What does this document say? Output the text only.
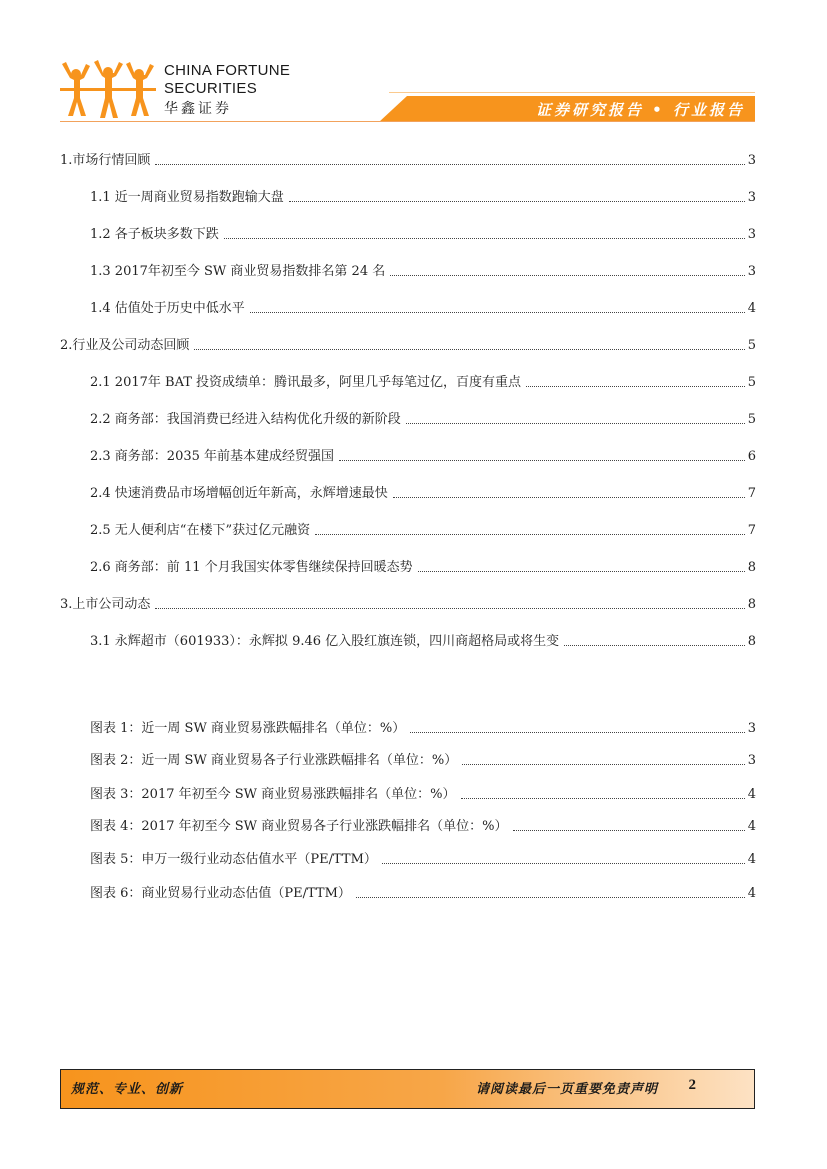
CHINA FORTUNE
SECURITIES
华鑫证券	证券研究报告 • 行业报告
1.市场行情回顾	3
1.1 近一周商业贸易指数跑输大盘	3
1.2 各子板块多数下跌	3
1.3 2017年初至今 SW 商业贸易指数排名第 24 名	3
1.4 估值处于历史中低水平	4
2.行业及公司动态回顾	5
2.1 2017年 BAT 投资成绩单：腾讯最多，阿里几乎每笔过亿，百度有重点	5
2.2 商务部：我国消费已经进入结构优化升级的新阶段	5
2.3 商务部：2035 年前基本建成经贸强国	6
2.4 快速消费品市场增幅创近年新高，永辉增速最快	7
2.5 无人便利店“在楼下”获过亿元融资	7
2.6 商务部：前 11 个月我国实体零售继续保持回暖态势	8
3.上市公司动态	8
3.1 永辉超市（601933）：永辉拟 9.46 亿入股红旗连锁，四川商超格局或将生变	8
图表 1：近一周 SW 商业贸易涨跌幅排名（单位：%）	3
图表 2：近一周 SW 商业贸易各子行业涨跌幅排名（单位：%）	3
图表 3：2017 年初至今 SW 商业贸易涨跌幅排名（单位：%）	4
图表 4：2017 年初至今 SW 商业贸易各子行业涨跌幅排名（单位：%）	4
图表 5：申万一级行业动态估值水平（PE/TTM）	4
图表 6：商业贸易行业动态估值（PE/TTM）	4
规范、专业、创新	请阅读最后一页重要免责声明 2
